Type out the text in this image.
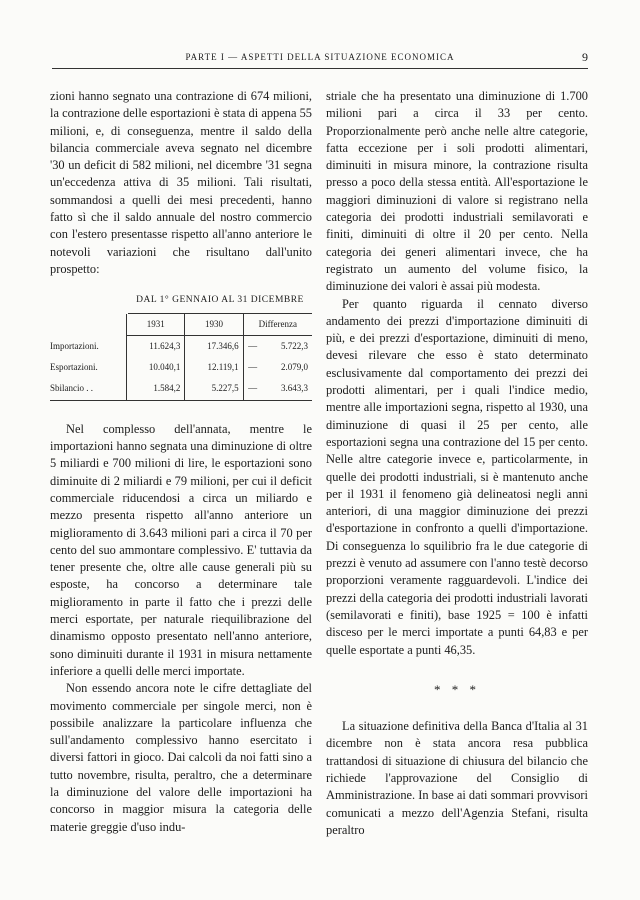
PARTE I — ASPETTI DELLA SITUAZIONE ECONOMICA	9

zioni hanno segnato una contrazione di 674 milioni, la contrazione delle esportazioni è stata di appena 55 milioni, e, di conseguenza, mentre il saldo della bilancia commerciale aveva segnato nel dicembre '30 un deficit di 582 milioni, nel dicembre '31 segna un'eccedenza attiva di 35 milioni. Tali risultati, sommandosi a quelli dei mesi precedenti, hanno fatto sì che il saldo annuale del nostro commercio con l'estero presentasse rispetto all'anno anteriore le notevoli variazioni che risultano dall'unito prospetto:

DAL 1° GENNAIO AL 31 DICEMBRE
	1931	1930	Differenza	
Importazioni.	11.624,3	17.346,6	—	5.722,3
Esportazioni.	10.040,1	12.119,1	—	2.079,0
Sbilancio . .	1.584,2	5.227,5	—	3.643,3

Nel complesso dell'annata, mentre le importazioni hanno segnata una diminuzione di oltre 5 miliardi e 700 milioni di lire, le esportazioni sono diminuite di 2 miliardi e 79 milioni, per cui il deficit commerciale riducendosi a circa un miliardo e mezzo presenta rispetto all'anno anteriore un miglioramento di 3.643 milioni pari a circa il 70 per cento del suo ammontare complessivo. E' tuttavia da tener presente che, oltre alle cause generali più su esposte, ha concorso a determinare tale miglioramento in parte il fatto che i prezzi delle merci esportate, per naturale riequilibrazione del dinamismo opposto presentato nell'anno anteriore, sono diminuiti durante il 1931 in misura nettamente inferiore a quelli delle merci importate.

Non essendo ancora note le cifre dettagliate del movimento commerciale per singole merci, non è possibile analizzare la particolare influenza che sull'andamento complessivo hanno esercitato i diversi fattori in gioco. Dai calcoli da noi fatti sino a tutto novembre, risulta, peraltro, che a determinare la diminuzione del valore delle importazioni ha concorso in maggior misura la categoria delle materie greggie d'uso indu-

striale che ha presentato una diminuzione di 1.700 milioni pari a circa il 33 per cento. Proporzionalmente però anche nelle altre categorie, fatta eccezione per i soli prodotti alimentari, diminuiti in misura minore, la contrazione risulta presso a poco della stessa entità. All'esportazione le maggiori diminuzioni di valore si registrano nella categoria dei prodotti industriali semilavorati e finiti, diminuiti di oltre il 20 per cento. Nella categoria dei generi alimentari invece, che ha registrato un aumento del volume fisico, la diminuzione dei valori è assai più modesta.

Per quanto riguarda il cennato diverso andamento dei prezzi d'importazione diminuiti di più, e dei prezzi d'esportazione, diminuiti di meno, devesi rilevare che esso è stato determinato esclusivamente dal comportamento dei prezzi dei prodotti alimentari, per i quali l'indice medio, mentre alle importazioni segna, rispetto al 1930, una diminuzione di quasi il 25 per cento, alle esportazioni segna una contrazione del 15 per cento. Nelle altre categorie invece e, particolarmente, in quelle dei prodotti industriali, si è mantenuto anche per il 1931 il fenomeno già delineatosi negli anni anteriori, di una maggior diminuzione dei prezzi d'esportazione in confronto a quelli d'importazione. Di conseguenza lo squilibrio fra le due categorie di prezzi è venuto ad assumere con l'anno testè decorso proporzioni veramente ragguardevoli. L'indice dei prezzi della categoria dei prodotti industriali lavorati (semilavorati e finiti), base 1925 = 100 è infatti disceso per le merci importate a punti 64,83 e per quelle esportate a punti 46,35.

* * *

La situazione definitiva della Banca d'Italia al 31 dicembre non è stata ancora resa pubblica trattandosi di situazione di chiusura del bilancio che richiede l'approvazione del Consiglio di Amministrazione. In base ai dati sommari provvisori comunicati a mezzo dell'Agenzia Stefani, risulta peraltro
